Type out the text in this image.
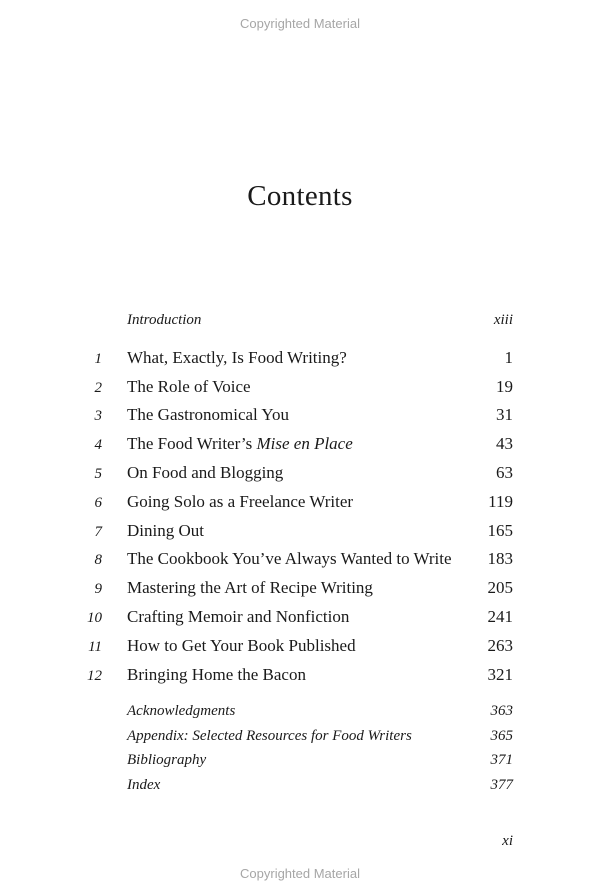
Copyrighted Material
Contents
Introduction	xiii
1 What, Exactly, Is Food Writing?	1
2 The Role of Voice	19
3 The Gastronomical You	31
4 The Food Writer’s Mise en Place	43
5 On Food and Blogging	63
6 Going Solo as a Freelance Writer	119
7 Dining Out	165
8 The Cookbook You’ve Always Wanted to Write 183
9 Mastering the Art of Recipe Writing	205
10 Crafting Memoir and Nonfiction	241
11 How to Get Your Book Published	263
12 Bringing Home the Bacon	321
Acknowledgments	363
Appendix: Selected Resources for Food Writers	365
Bibliography	371
Index	377
xi
Copyrighted Material
